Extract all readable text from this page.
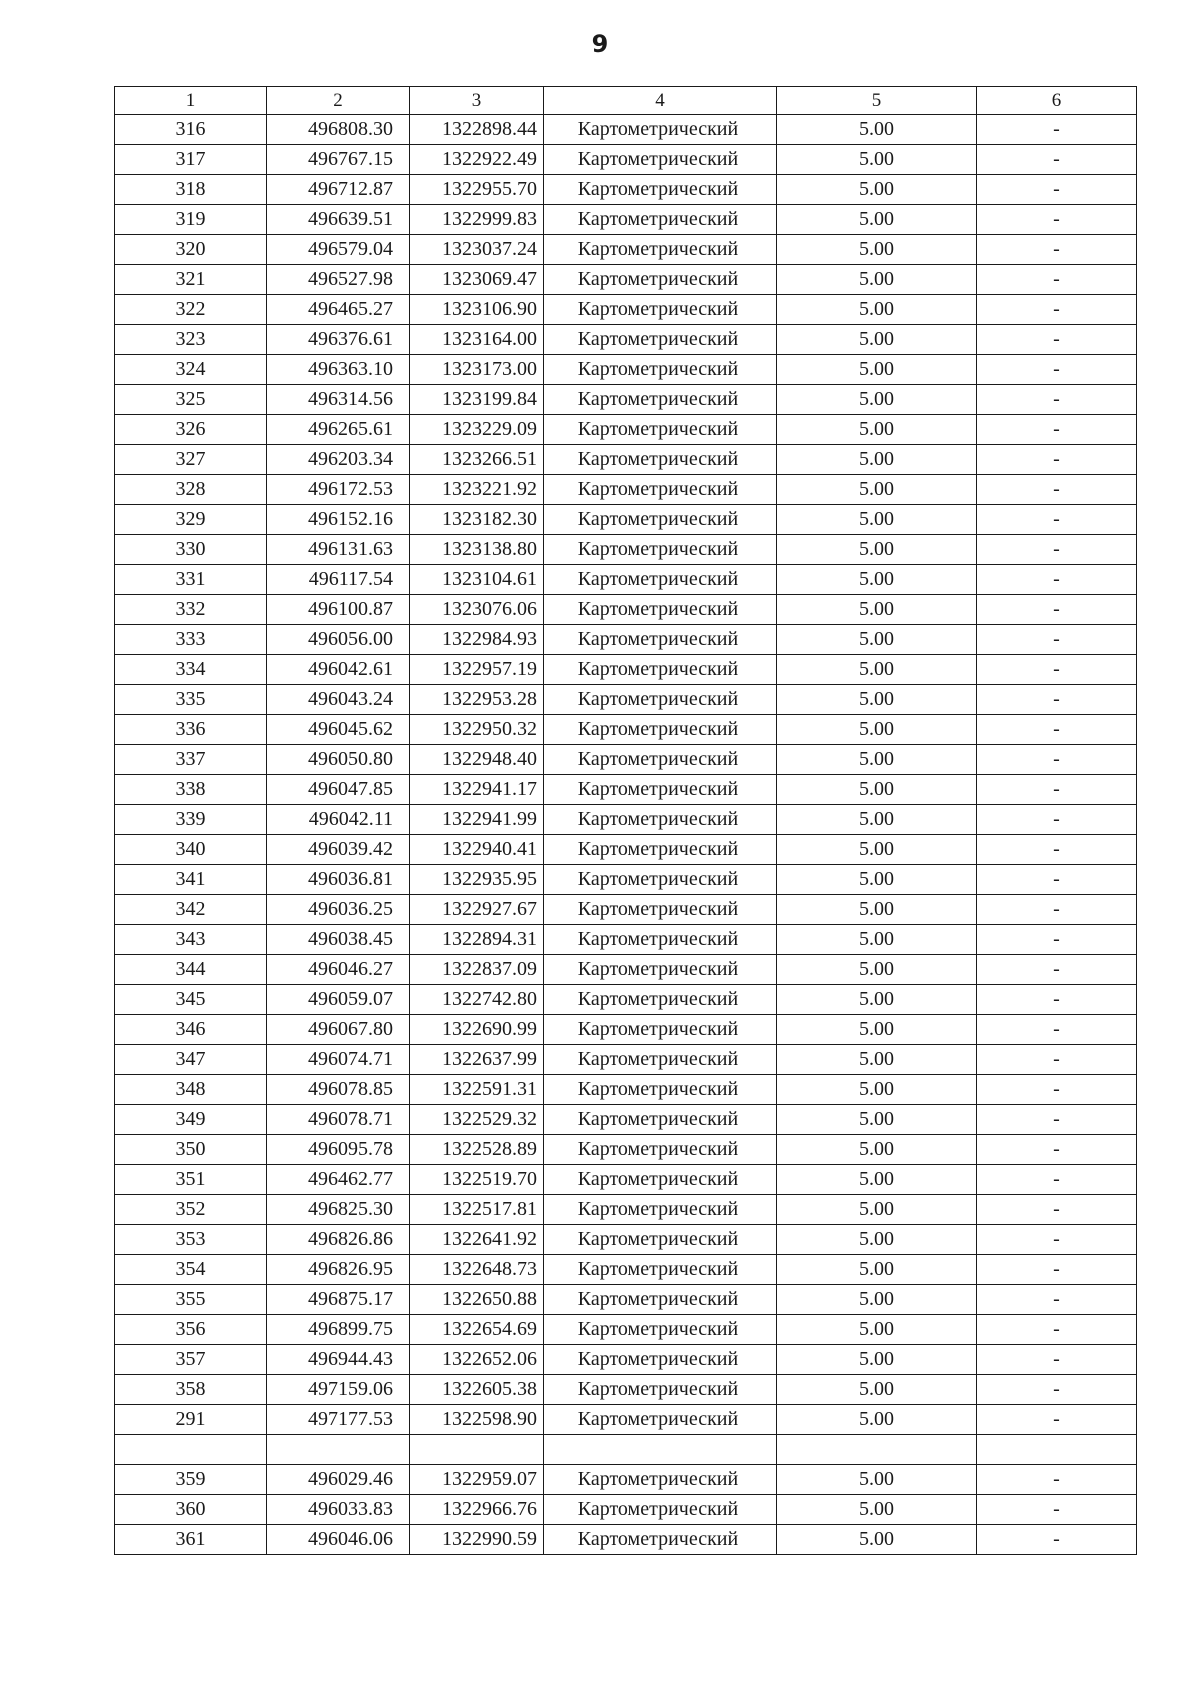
9
1	2	3	4	5	6
316	496808.30	1322898.44	Картометрический	5.00	-
317	496767.15	1322922.49	Картометрический	5.00	-
318	496712.87	1322955.70	Картометрический	5.00	-
319	496639.51	1322999.83	Картометрический	5.00	-
320	496579.04	1323037.24	Картометрический	5.00	-
321	496527.98	1323069.47	Картометрический	5.00	-
322	496465.27	1323106.90	Картометрический	5.00	-
323	496376.61	1323164.00	Картометрический	5.00	-
324	496363.10	1323173.00	Картометрический	5.00	-
325	496314.56	1323199.84	Картометрический	5.00	-
326	496265.61	1323229.09	Картометрический	5.00	-
327	496203.34	1323266.51	Картометрический	5.00	-
328	496172.53	1323221.92	Картометрический	5.00	-
329	496152.16	1323182.30	Картометрический	5.00	-
330	496131.63	1323138.80	Картометрический	5.00	-
331	496117.54	1323104.61	Картометрический	5.00	-
332	496100.87	1323076.06	Картометрический	5.00	-
333	496056.00	1322984.93	Картометрический	5.00	-
334	496042.61	1322957.19	Картометрический	5.00	-
335	496043.24	1322953.28	Картометрический	5.00	-
336	496045.62	1322950.32	Картометрический	5.00	-
337	496050.80	1322948.40	Картометрический	5.00	-
338	496047.85	1322941.17	Картометрический	5.00	-
339	496042.11	1322941.99	Картометрический	5.00	-
340	496039.42	1322940.41	Картометрический	5.00	-
341	496036.81	1322935.95	Картометрический	5.00	-
342	496036.25	1322927.67	Картометрический	5.00	-
343	496038.45	1322894.31	Картометрический	5.00	-
344	496046.27	1322837.09	Картометрический	5.00	-
345	496059.07	1322742.80	Картометрический	5.00	-
346	496067.80	1322690.99	Картометрический	5.00	-
347	496074.71	1322637.99	Картометрический	5.00	-
348	496078.85	1322591.31	Картометрический	5.00	-
349	496078.71	1322529.32	Картометрический	5.00	-
350	496095.78	1322528.89	Картометрический	5.00	-
351	496462.77	1322519.70	Картометрический	5.00	-
352	496825.30	1322517.81	Картометрический	5.00	-
353	496826.86	1322641.92	Картометрический	5.00	-
354	496826.95	1322648.73	Картометрический	5.00	-
355	496875.17	1322650.88	Картометрический	5.00	-
356	496899.75	1322654.69	Картометрический	5.00	-
357	496944.43	1322652.06	Картометрический	5.00	-
358	497159.06	1322605.38	Картометрический	5.00	-
291	497177.53	1322598.90	Картометрический	5.00	-

359	496029.46	1322959.07	Картометрический	5.00	-
360	496033.83	1322966.76	Картометрический	5.00	-
361	496046.06	1322990.59	Картометрический	5.00	-
